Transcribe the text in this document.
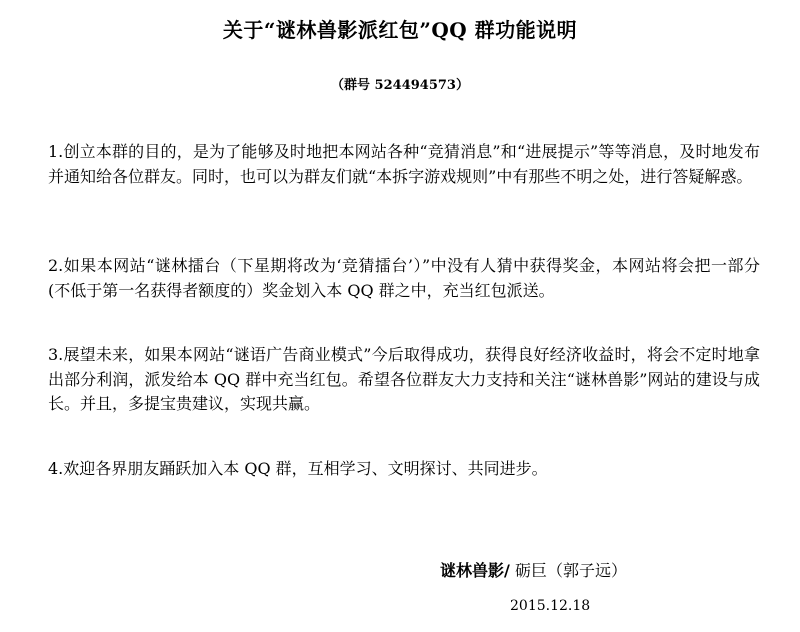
关于“谜林兽影派红包”QQ 群功能说明
（群号 524494573）

1.创立本群的目的，是为了能够及时地把本网站各种“竞猜消息”和“进展提示”等等消息，及时地发布并通知给各位群友。同时，也可以为群友们就“本拆字游戏规则”中有那些不明之处，进行答疑解惑。

2.如果本网站“谜林擂台（下星期将改为‘竞猜擂台’）”中没有人猜中获得奖金，本网站将会把一部分(不低于第一名获得者额度的）奖金划入本 QQ 群之中，充当红包派送。

3.展望未来，如果本网站“谜语广告商业模式”今后取得成功，获得良好经济收益时，将会不定时地拿出部分利润，派发给本 QQ 群中充当红包。希望各位群友大力支持和关注“谜林兽影”网站的建设与成长。并且，多提宝贵建议，实现共赢。

4.欢迎各界朋友踊跃加入本 QQ 群，互相学习、文明探讨、共同进步。

谜林兽影/ 砺巨（郭子远）
2015.12.18
